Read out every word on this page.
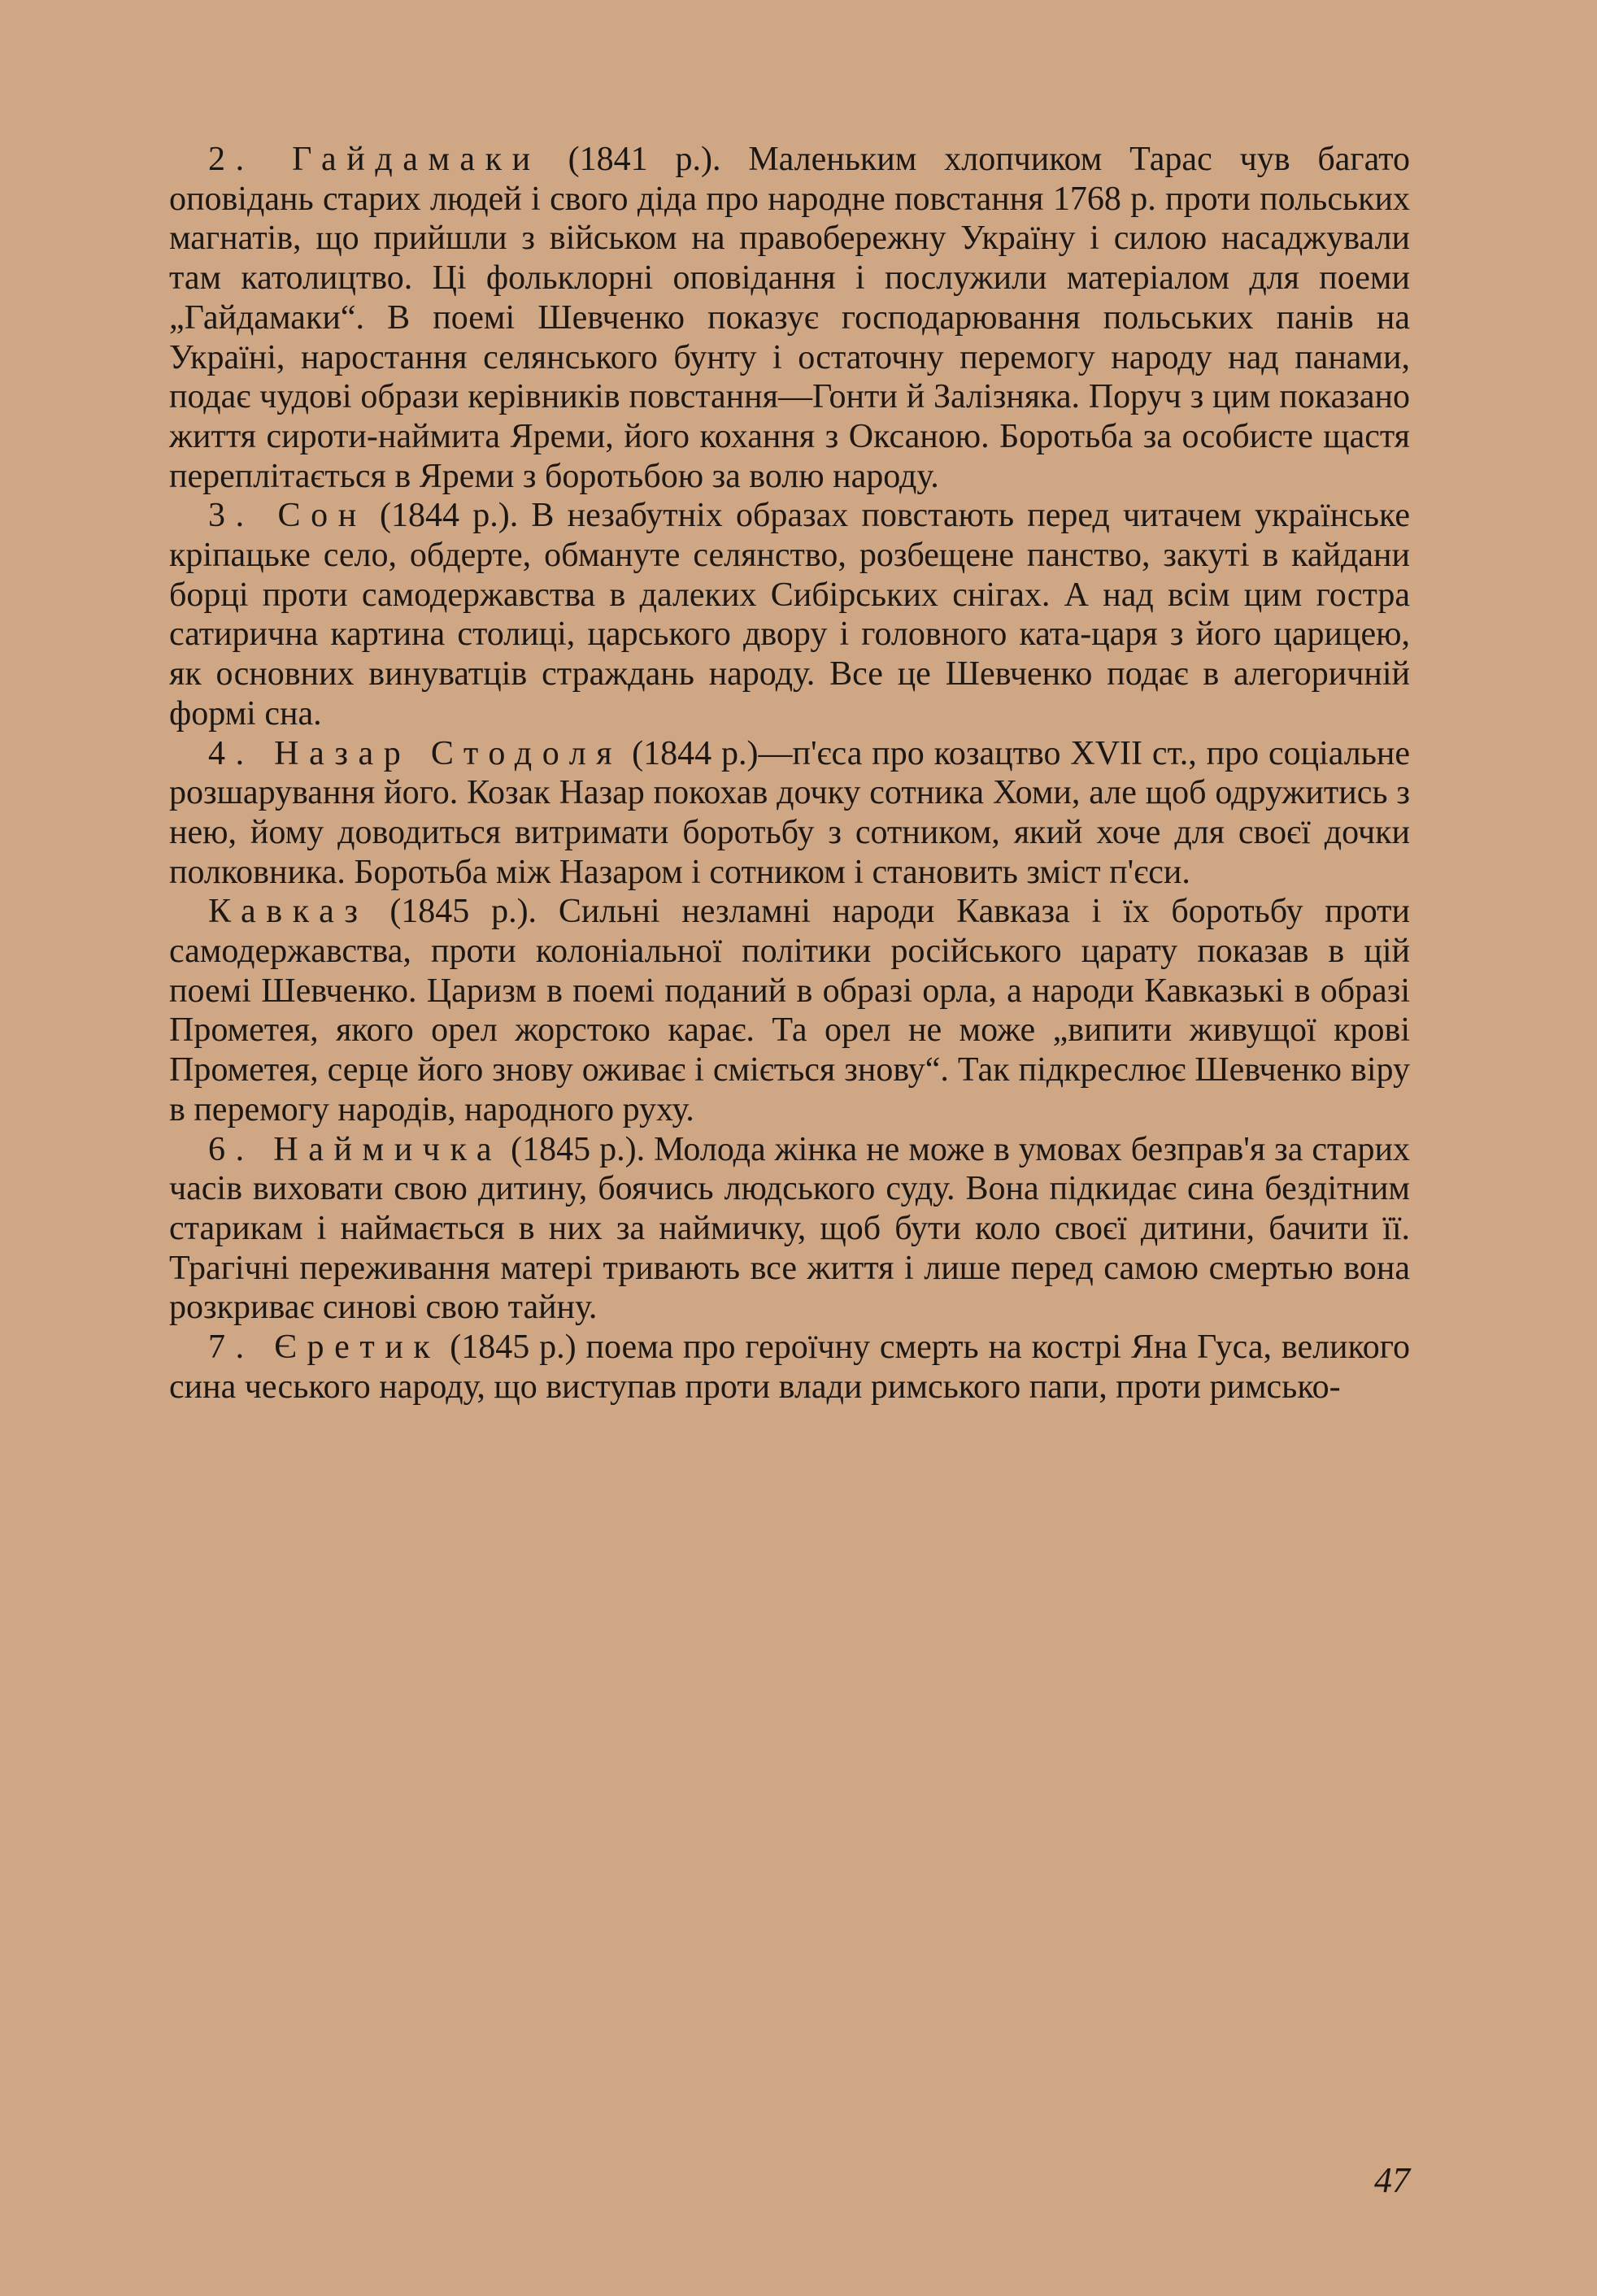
2. Гайдамаки (1841 р.). Маленьким хлопчиком Тарас чув багато оповідань старих людей і свого діда про народне повстання 1768 р. проти польських магнатів, що прийшли з військом на правобережну Україну і силою насаджували там католицтво. Ці фольклорні оповідання і послужили матеріалом для поеми „Гайдамаки“. В поемі Шевченко показує господарювання польських панів на Україні, наростання селянського бунту і остаточну перемогу народу над панами, подає чудові образи керівників повстання—Гонти й Залізняка. Поруч з цим показано життя сироти-наймита Яреми, його кохання з Оксаною. Боротьба за особисте щастя переплітається в Яреми з боротьбою за волю народу.

3. Сон (1844 р.). В незабутніх образах повстають перед читачем українське кріпацьке село, обдерте, обмануте селянство, розбещене панство, закуті в кайдани борці проти самодержавства в далеких Сибірських снігах. А над всім цим гостра сатирична картина столиці, царського двору і головного ката-царя з його царицею, як основних винуватців страждань народу. Все це Шевченко подає в алегоричній формі сна.

4. Назар Стодоля (1844 р.)—п'єса про козацтво XVII ст., про соціальне розшарування його. Козак Назар покохав дочку сотника Хоми, але щоб одружитись з нею, йому доводиться витримати боротьбу з сотником, який хоче для своєї дочки полковника. Боротьба між Назаром і сотником і становить зміст п'єси.

Кавказ (1845 р.). Сильні незламні народи Кавказа і їх боротьбу проти самодержавства, проти колоніальної політики російського царату показав в цій поемі Шевченко. Царизм в поемі поданий в образі орла, а народи Кавказькі в образі Прометея, якого орел жорстоко карає. Та орел не може „випити живущої крові Прометея, серце його знову оживає і сміється знову“. Так підкреслює Шевченко віру в перемогу народів, народного руху.

6. Наймичка (1845 р.). Молода жінка не може в умовах безправ'я за старих часів виховати свою дитину, боячись людського суду. Вона підкидає сина бездітним старикам і наймається в них за наймичку, щоб бути коло своєї дитини, бачити її. Трагічні переживання матері тривають все життя і лише перед самою смертью вона розкриває синові свою тайну.

7. Єретик (1845 р.) поема про героїчну смерть на кострі Яна Гуса, великого сина чеського народу, що виступав проти влади римського папи, проти римсько-

47
